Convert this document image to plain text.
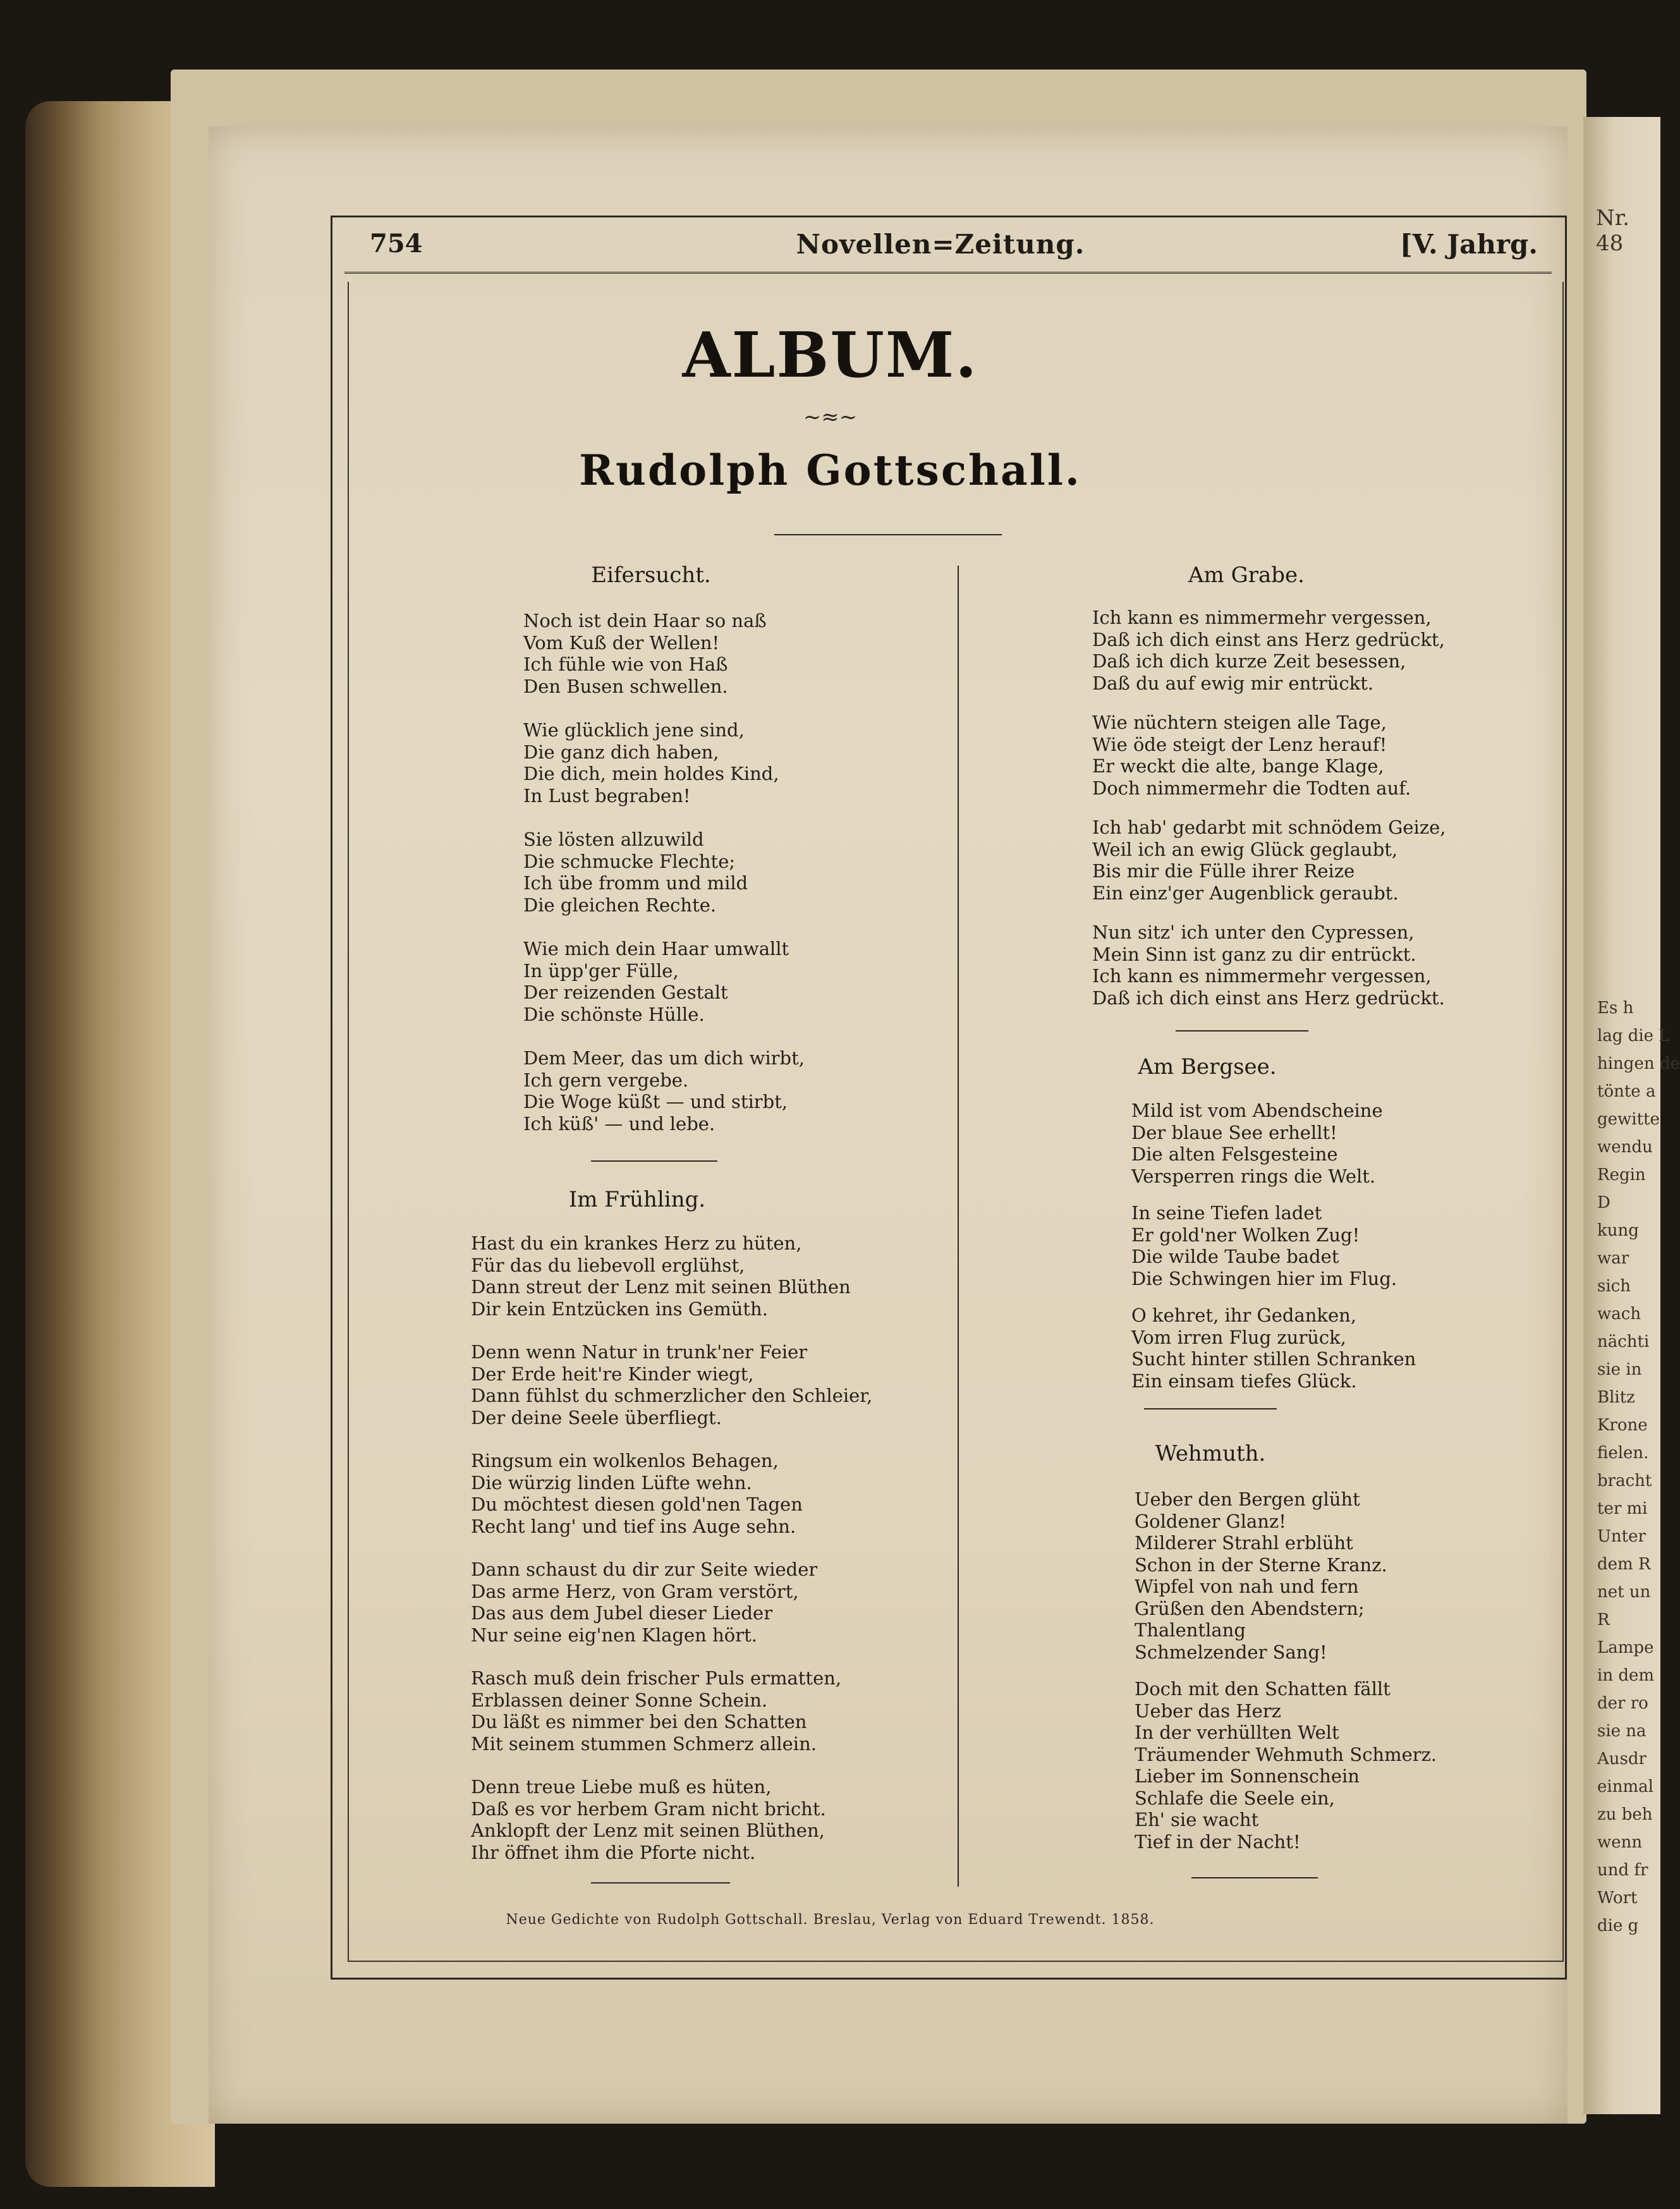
Nr. 48
Es h
lag die L
hingen de
tönte a
gewitte
wendu
Regin
D
kung
war
sich
wach
nächti
sie in
Blitz
Krone
fielen.
bracht
ter mi
Unter
dem R
net un
R
Lampe
in dem
der ro
sie na
Ausdr
einmal
zu beh
wenn
und fr
Wort
die g

754	Novellen=Zeitung.	[V. Jahrg.
ALBUM.
~≈~
Rudolph Gottschall.
Eifersucht.
Noch ist dein Haar so naß
Vom Kuß der Wellen!
Ich fühle wie von Haß
Den Busen schwellen.
Wie glücklich jene sind,
Die ganz dich haben,
Die dich, mein holdes Kind,
In Lust begraben!
Sie lösten allzuwild
Die schmucke Flechte;
Ich übe fromm und mild
Die gleichen Rechte.
Wie mich dein Haar umwallt
In üpp'ger Fülle,
Der reizenden Gestalt
Die schönste Hülle.
Dem Meer, das um dich wirbt,
Ich gern vergebe.
Die Woge küßt — und stirbt,
Ich küß' — und lebe.
Im Frühling.
Hast du ein krankes Herz zu hüten,
Für das du liebevoll erglühst,
Dann streut der Lenz mit seinen Blüthen
Dir kein Entzücken ins Gemüth.
Denn wenn Natur in trunk'ner Feier
Der Erde heit're Kinder wiegt,
Dann fühlst du schmerzlicher den Schleier,
Der deine Seele überfliegt.
Ringsum ein wolkenlos Behagen,
Die würzig linden Lüfte wehn.
Du möchtest diesen gold'nen Tagen
Recht lang' und tief ins Auge sehn.
Dann schaust du dir zur Seite wieder
Das arme Herz, von Gram verstört,
Das aus dem Jubel dieser Lieder
Nur seine eig'nen Klagen hört.
Rasch muß dein frischer Puls ermatten,
Erblassen deiner Sonne Schein.
Du läßt es nimmer bei den Schatten
Mit seinem stummen Schmerz allein.
Denn treue Liebe muß es hüten,
Daß es vor herbem Gram nicht bricht.
Anklopft der Lenz mit seinen Blüthen,
Ihr öffnet ihm die Pforte nicht.
Am Grabe.
Ich kann es nimmermehr vergessen,
Daß ich dich einst ans Herz gedrückt,
Daß ich dich kurze Zeit besessen,
Daß du auf ewig mir entrückt.
Wie nüchtern steigen alle Tage,
Wie öde steigt der Lenz herauf!
Er weckt die alte, bange Klage,
Doch nimmermehr die Todten auf.
Ich hab' gedarbt mit schnödem Geize,
Weil ich an ewig Glück geglaubt,
Bis mir die Fülle ihrer Reize
Ein einz'ger Augenblick geraubt.
Nun sitz' ich unter den Cypressen,
Mein Sinn ist ganz zu dir entrückt.
Ich kann es nimmermehr vergessen,
Daß ich dich einst ans Herz gedrückt.
Am Bergsee.
Mild ist vom Abendscheine
Der blaue See erhellt!
Die alten Felsgesteine
Versperren rings die Welt.
In seine Tiefen ladet
Er gold'ner Wolken Zug!
Die wilde Taube badet
Die Schwingen hier im Flug.
O kehret, ihr Gedanken,
Vom irren Flug zurück,
Sucht hinter stillen Schranken
Ein einsam tiefes Glück.
Wehmuth.
Ueber den Bergen glüht
Goldener Glanz!
Milderer Strahl erblüht
Schon in der Sterne Kranz.
Wipfel von nah und fern
Grüßen den Abendstern;
Thalentlang
Schmelzender Sang!
Doch mit den Schatten fällt
Ueber das Herz
In der verhüllten Welt
Träumender Wehmuth Schmerz.
Lieber im Sonnenschein
Schlafe die Seele ein,
Eh' sie wacht
Tief in der Nacht!
Neue Gedichte von Rudolph Gottschall. Breslau, Verlag von Eduard Trewendt. 1858.
